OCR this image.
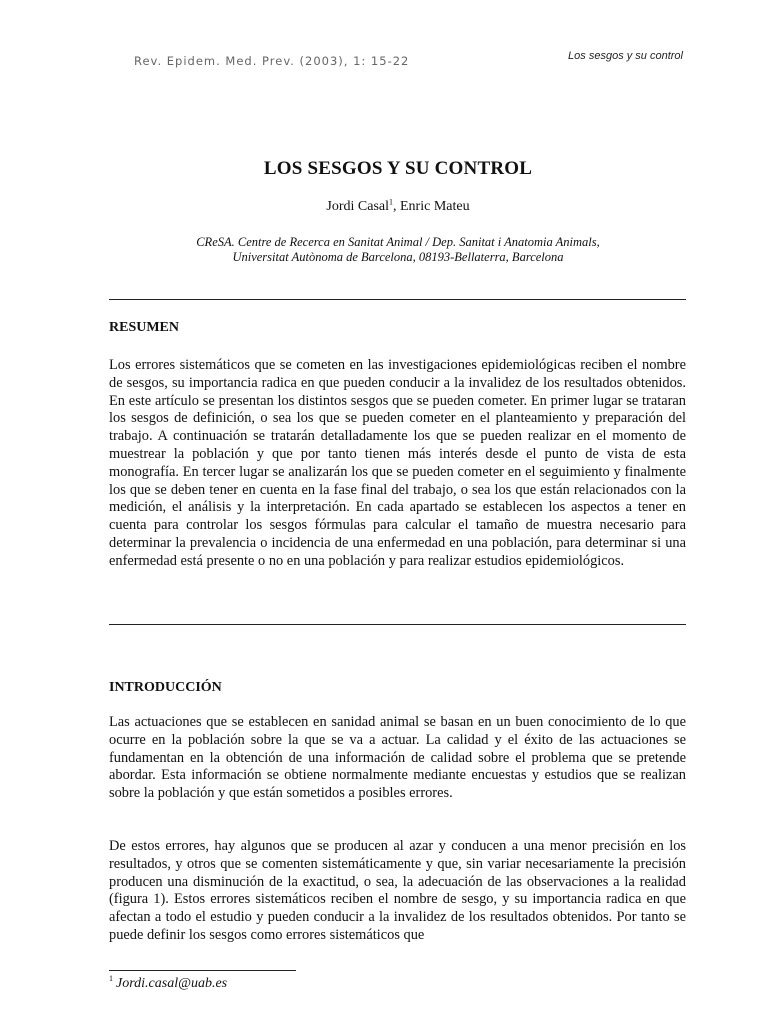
Rev. Epidem. Med. Prev. (2003), 1: 15-22	Los sesgos y su control
LOS SESGOS Y SU CONTROL
Jordi Casal$^1$, Enric Mateu
CReSA. Centre de Recerca en Sanitat Animal / Dep. Sanitat i Anatomia Animals,
Universitat Autònoma de Barcelona, 08193-Bellaterra, Barcelona
RESUMEN

Los errores sistemáticos que se cometen en las investigaciones epidemiológicas reciben el nombre de sesgos, su importancia radica en que pueden conducir a la invalidez de los resultados obtenidos. En este artículo se presentan los distintos sesgos que se pueden cometer. En primer lugar se trataran los sesgos de definición, o sea los que se pueden cometer en el planteamiento y preparación del trabajo. A continuación se tratarán detalladamente los que se pueden realizar en el momento de muestrear la población y que por tanto tienen más interés desde el punto de vista de esta monografía. En tercer lugar se analizarán los que se pueden cometer en el seguimiento y finalmente los que se deben tener en cuenta en la fase final del trabajo, o sea los que están relacionados con la medición, el análisis y la interpretación. En cada apartado se establecen los aspectos a tener en cuenta para controlar los sesgos fórmulas para calcular el tamaño de muestra necesario para determinar la prevalencia o incidencia de una enfermedad en una población, para determinar si una enfermedad está presente o no en una población y para realizar estudios epidemiológicos.

INTRODUCCIÓN

Las actuaciones que se establecen en sanidad animal se basan en un buen conocimiento de lo que ocurre en la población sobre la que se va a actuar. La calidad y el éxito de las actuaciones se fundamentan en la obtención de una información de calidad sobre el problema que se pretende abordar. Esta información se obtiene normalmente mediante encuestas y estudios que se realizan sobre la población y que están sometidos a posibles errores.

De estos errores, hay algunos que se producen al azar y conducen a una menor precisión en los resultados, y otros que se comenten sistemáticamente y que, sin variar necesariamente la precisión producen una disminución de la exactitud, o sea, la adecuación de las observaciones a la realidad (figura 1). Estos errores sistemáticos reciben el nombre de sesgo, y su importancia radica en que afectan a todo el estudio y pueden conducir a la invalidez de los resultados obtenidos. Por tanto se puede definir los sesgos como errores sistemáticos que

$^1$ Jordi.casal@uab.es
